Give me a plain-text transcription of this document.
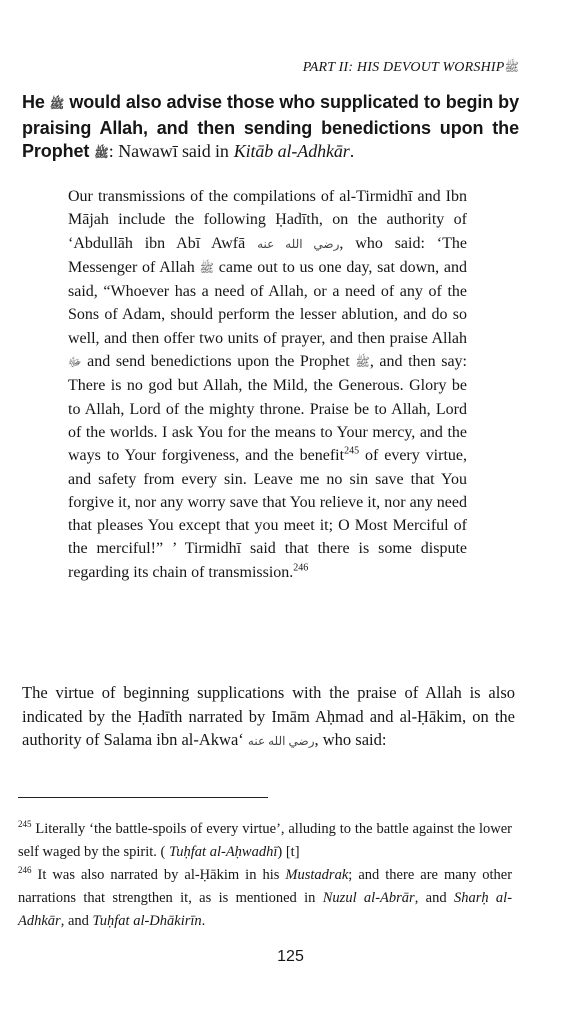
PART II: HIS DEVOUT WORSHIPﷺ

He ﷺ would also advise those who supplicated to begin by praising Allah, and then sending benedictions upon the Prophet ﷺ: Nawawī said in Kitāb al-Adhkār.

Our transmissions of the compilations of al-Tirmidhī and Ibn Mājah include the following Ḥadīth, on the authority of ‘Abdullāh ibn Abī Awfā رضي الله عنه, who said: ‘The Messenger of Allah ﷺ came out to us one day, sat down, and said, “Whoever has a need of Allah, or a need of any of the Sons of Adam, should perform the lesser ablution, and do so well, and then offer two units of prayer, and then praise Allah ﷻ and send benedictions upon the Prophet ﷺ, and then say: There is no god but Allah, the Mild, the Generous. Glory be to Allah, Lord of the mighty throne. Praise be to Allah, Lord of the worlds. I ask You for the means to Your mercy, and the ways to Your forgiveness, and the benefit$^{245}$ of every virtue, and safety from every sin. Leave me no sin save that You forgive it, nor any worry save that You relieve it, nor any need that pleases You except that you meet it; O Most Merciful of the merciful!” ’ Tirmidhī said that there is some dispute regarding its chain of transmission.$^{246}$

The virtue of beginning supplications with the praise of Allah is also indicated by the Ḥadīth narrated by Imām Aḥmad and al-Ḥākim, on the authority of Salama ibn al-Akwa‘ رضي الله عنه, who said:

$^{245}$ Literally ‘the battle-spoils of every virtue’, alluding to the battle against the lower self waged by the spirit. ( Tuḥfat al-Aḥwadhī) [t]

$^{246}$ It was also narrated by al-Ḥākim in his Mustadrak; and there are many other narrations that strengthen it, as is mentioned in Nuzul al-Abrār, and Sharḥ al-Adhkār, and Tuḥfat al-Dhākirīn.

125
